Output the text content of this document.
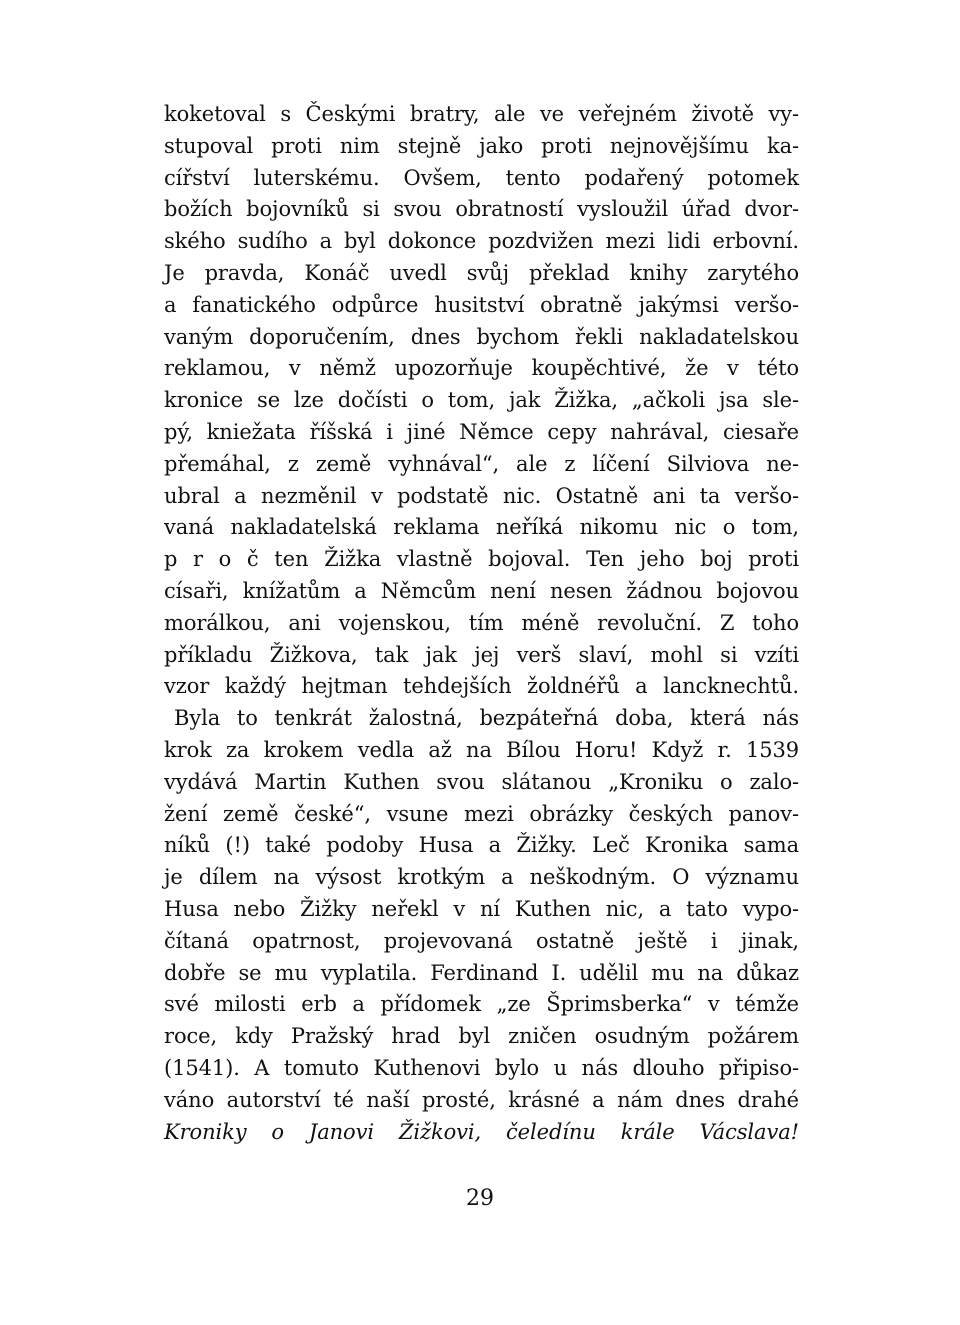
koketoval s Českými bratry, ale ve veřejném životě vy-
stupoval proti nim stejně jako proti nejnovějšímu ka-
cířství luterskému. Ovšem, tento podařený potomek
božích bojovníků si svou obratností vysloužil úřad dvor-
ského sudího a byl dokonce pozdvižen mezi lidi erbovní.
Je pravda, Konáč uvedl svůj překlad knihy zarytého
a fanatického odpůrce husitství obratně jakýmsi veršo-
vaným doporučením, dnes bychom řekli nakladatelskou
reklamou, v němž upozorňuje koupěchtivé, že v této
kronice se lze dočísti o tom, jak Žižka, „ačkoli jsa sle-
pý, kniežata říšská i jiné Němce cepy nahrával, ciesaře
přemáhal, z země vyhnával“, ale z líčení Silviova ne-
ubral a nezměnil v podstatě nic. Ostatně ani ta veršo-
vaná nakladatelská reklama neříká nikomu nic o tom,
p r o č ten Žižka vlastně bojoval. Ten jeho boj proti
císaři, knížatům a Němcům není nesen žádnou bojovou
morálkou, ani vojenskou, tím méně revoluční. Z toho
příkladu Žižkova, tak jak jej verš slaví, mohl si vzíti
vzor každý hejtman tehdejších žoldnéřů a lancknechtů.
Byla to tenkrát žalostná, bezpáteřná doba, která nás
krok za krokem vedla až na Bílou Horu! Když r. 1539
vydává Martin Kuthen svou slátanou „Kroniku o zalo-
žení země české“, vsune mezi obrázky českých panov-
níků (!) také podoby Husa a Žižky. Leč Kronika sama
je dílem na výsost krotkým a neškodným. O významu
Husa nebo Žižky neřekl v ní Kuthen nic, a tato vypo-
čítaná opatrnost, projevovaná ostatně ještě i jinak,
dobře se mu vyplatila. Ferdinand I. udělil mu na důkaz
své milosti erb a přídomek „ze Šprimsberka“ v témže
roce, kdy Pražský hrad byl zničen osudným požárem
(1541). A tomuto Kuthenovi bylo u nás dlouho připiso-
váno autorství té naší prosté, krásné a nám dnes drahé
Kroniky o Janovi Žižkovi, čeledínu krále Vácslava!
29
